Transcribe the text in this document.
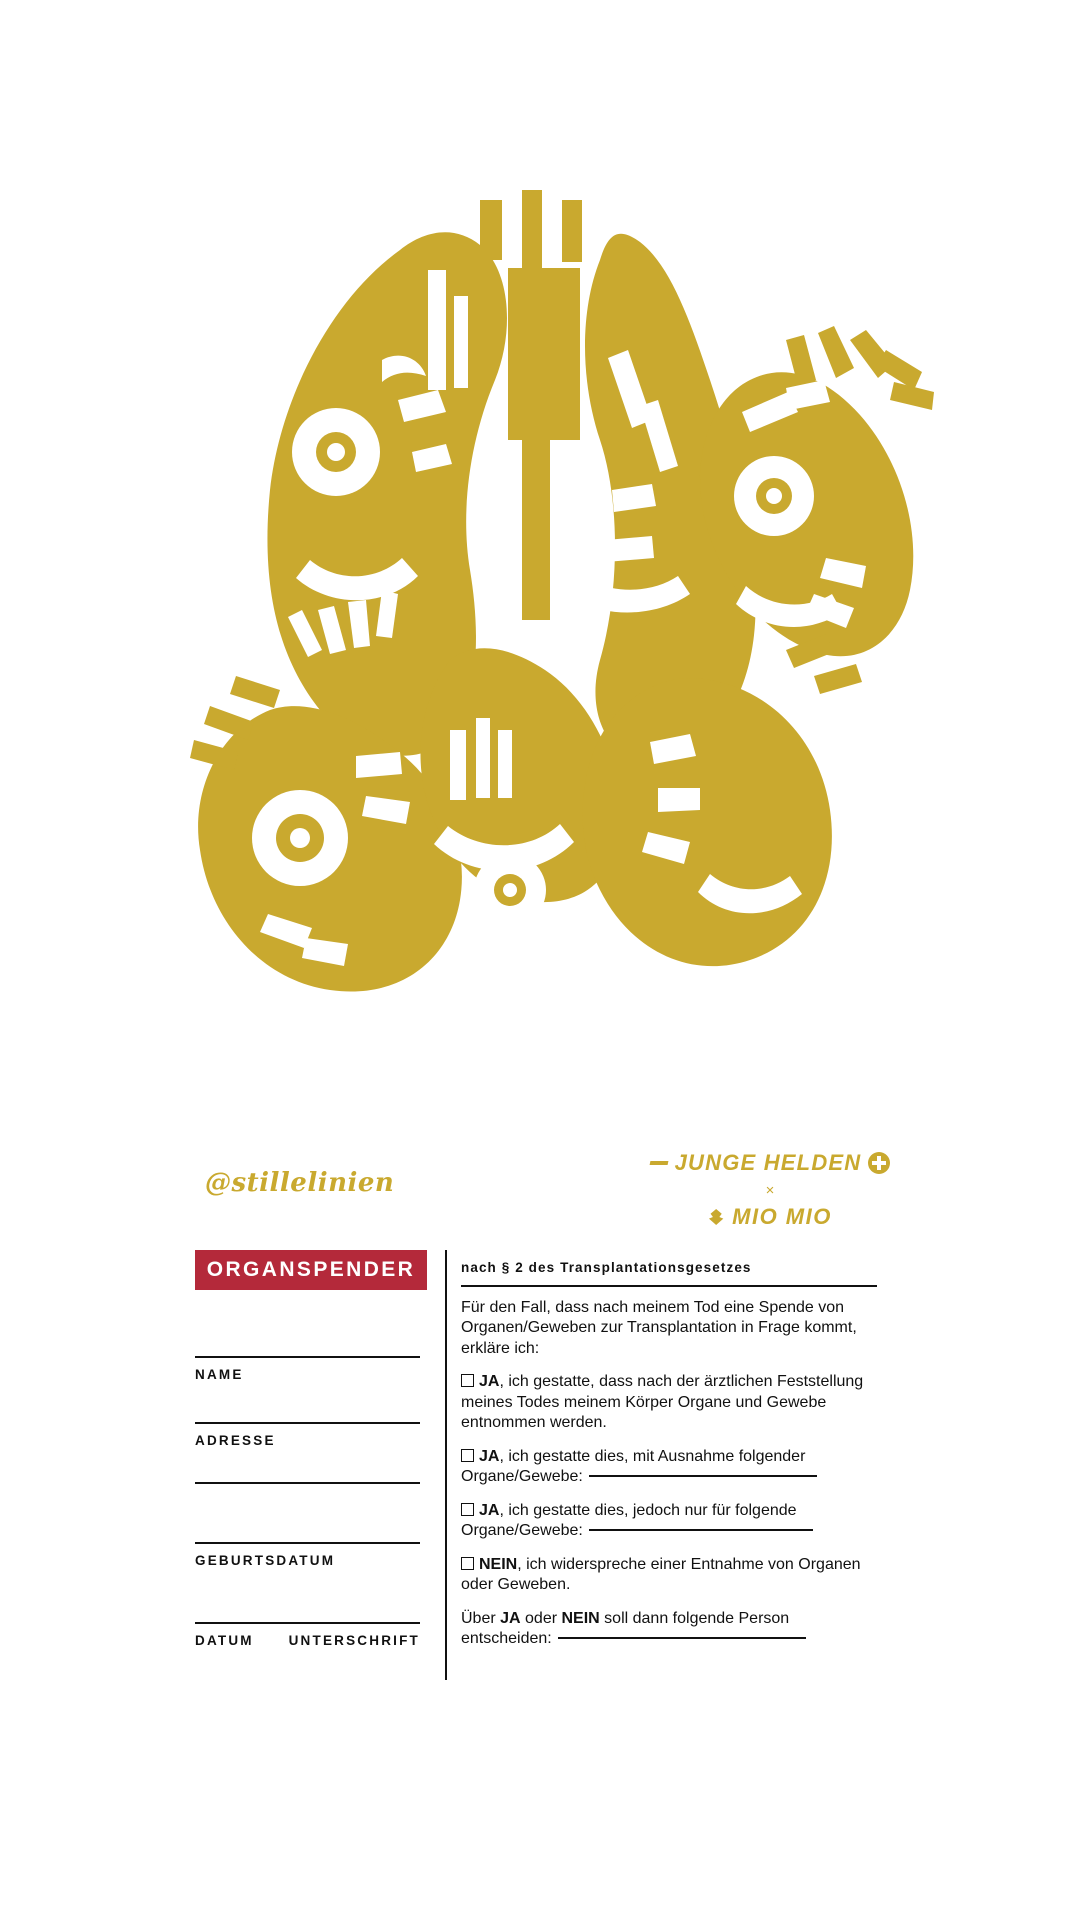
@stillelinien
JUNGE HELDEN
×
MIO MIO
ORGANSPENDER
NAME
ADRESSE
GEBURTSDATUM
DATUM	UNTERSCHRIFT
nach § 2 des Transplantationsgesetzes
Für den Fall, dass nach meinem Tod eine Spende von Organen/Geweben zur Transplantation in Frage kommt, erkläre ich:
JA, ich gestatte, dass nach der ärztlichen Feststellung meines Todes meinem Körper Organe und Gewebe entnommen werden.
JA, ich gestatte dies, mit Ausnahme folgender Organe/Gewebe:
JA, ich gestatte dies, jedoch nur für folgende Organe/Gewebe:
NEIN, ich widerspreche einer Entnahme von Organen oder Geweben.
Über JA oder NEIN soll dann folgende Person entscheiden:
